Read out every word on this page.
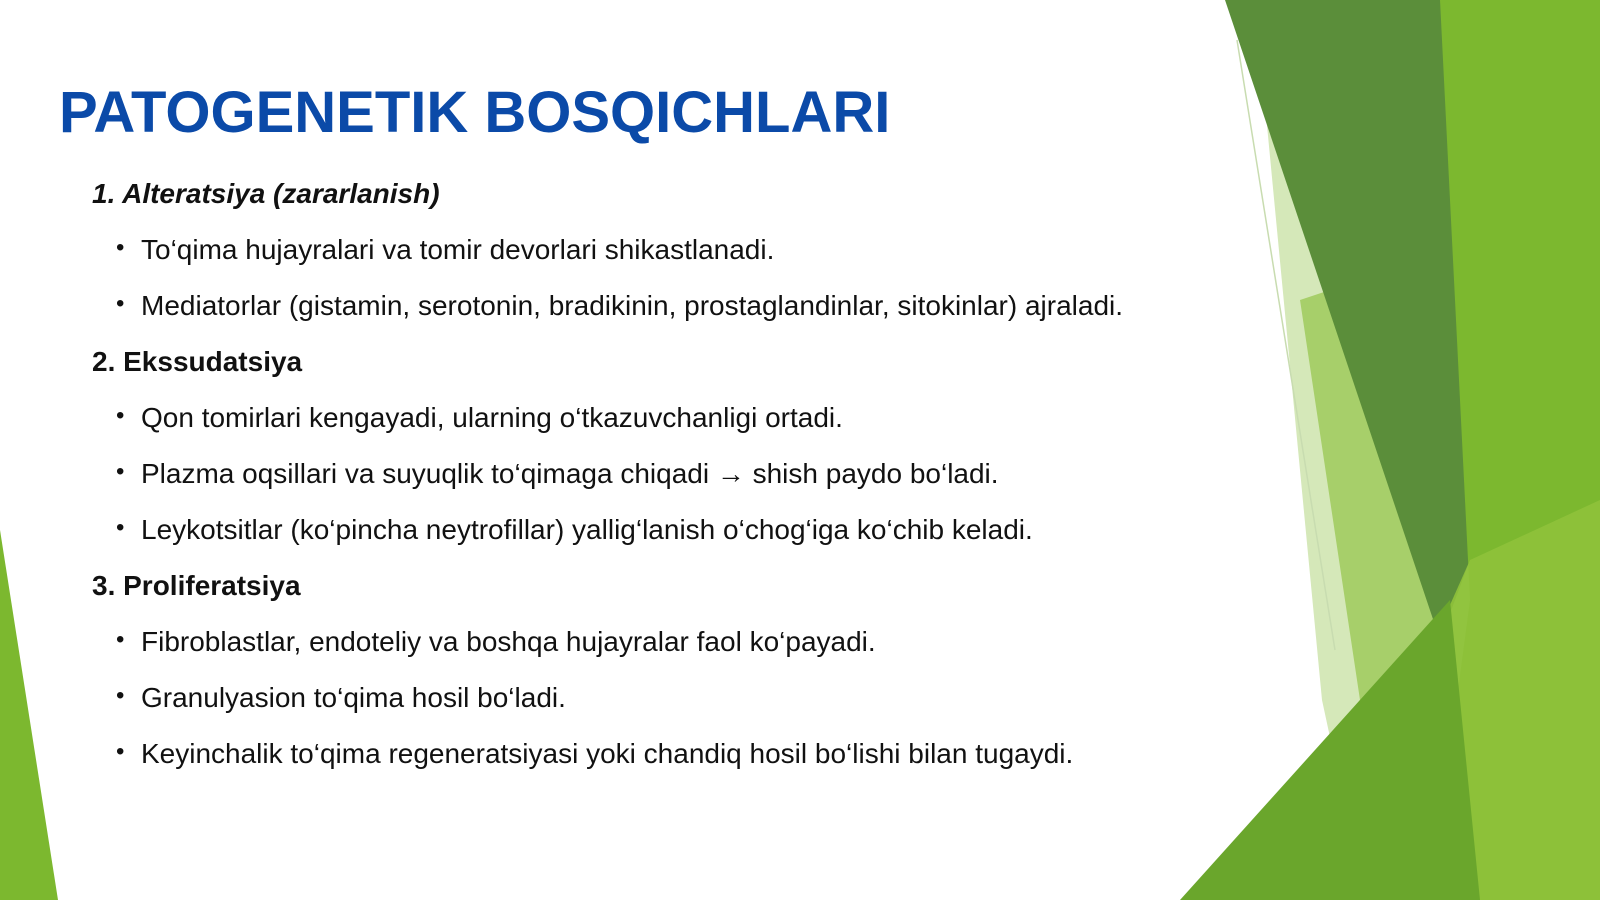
PATOGENETIK BOSQICHLARI
1. Alteratsiya (zararlanish)
• To‘qima hujayralari va tomir devorlari shikastlanadi.
• Mediatorlar (gistamin, serotonin, bradikinin, prostaglandinlar, sitokinlar) ajraladi.
2. Ekssudatsiya
• Qon tomirlari kengayadi, ularning o‘tkazuvchanligi ortadi.
• Plazma oqsillari va suyuqlik to‘qimaga chiqadi → shish paydo bo‘ladi.
• Leykotsitlar (ko‘pincha neytrofillar) yallig‘lanish o‘chog‘iga ko‘chib keladi.
3. Proliferatsiya
• Fibroblastlar, endoteliy va boshqa hujayralar faol ko‘payadi.
• Granulyasion to‘qima hosil bo‘ladi.
• Keyinchalik to‘qima regeneratsiyasi yoki chandiq hosil bo‘lishi bilan tugaydi.
